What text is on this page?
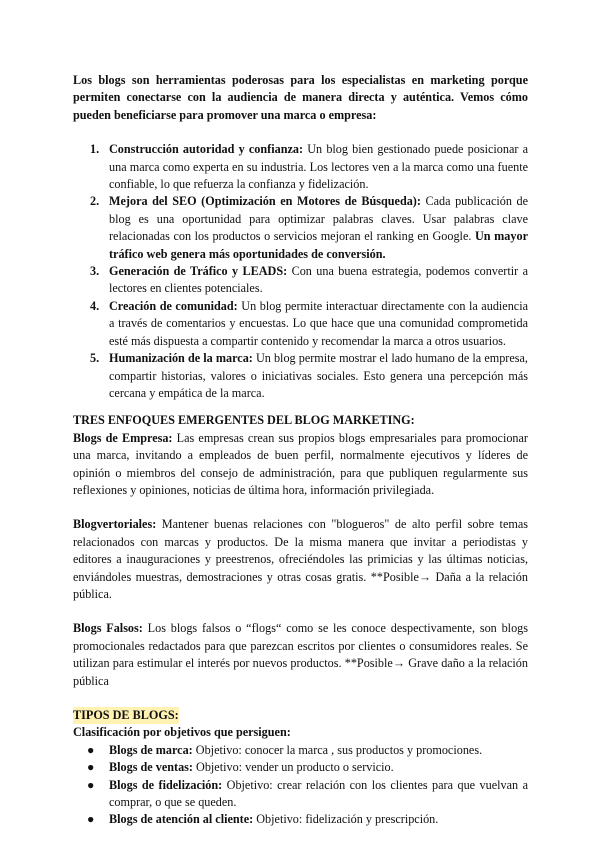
Los blogs son herramientas poderosas para los especialistas en marketing porque permiten conectarse con la audiencia de manera directa y auténtica. Vemos cómo pueden beneficiarse para promover una marca o empresa:

1. Construcción autoridad y confianza: Un blog bien gestionado puede posicionar a una marca como experta en su industria. Los lectores ven a la marca como una fuente confiable, lo que refuerza la confianza y fidelización.
2. Mejora del SEO (Optimización en Motores de Búsqueda): Cada publicación de blog es una oportunidad para optimizar palabras claves. Usar palabras clave relacionadas con los productos o servicios mejoran el ranking en Google. Un mayor tráfico web genera más oportunidades de conversión.
3. Generación de Tráfico y LEADS: Con una buena estrategia, podemos convertir a lectores en clientes potenciales.
4. Creación de comunidad: Un blog permite interactuar directamente con la audiencia a través de comentarios y encuestas. Lo que hace que una comunidad comprometida esté más dispuesta a compartir contenido y recomendar la marca a otros usuarios.
5. Humanización de la marca: Un blog permite mostrar el lado humano de la empresa, compartir historias, valores o iniciativas sociales. Esto genera una percepción más cercana y empática de la marca.

TRES ENFOQUES EMERGENTES DEL BLOG MARKETING:

Blogs de Empresa: Las empresas crean sus propios blogs empresariales para promocionar una marca, invitando a empleados de buen perfil, normalmente ejecutivos y líderes de opinión o miembros del consejo de administración, para que publiquen regularmente sus reflexiones y opiniones, noticias de última hora, información privilegiada.

Blogvertoriales: Mantener buenas relaciones con "blogueros" de alto perfil sobre temas relacionados con marcas y productos. De la misma manera que invitar a periodistas y editores a inauguraciones y preestrenos, ofreciéndoles las primicias y las últimas noticias, enviándoles muestras, demostraciones y otras cosas gratis. **Posible→ Daña a la relación pública.

Blogs Falsos: Los blogs falsos o “flogs“ como se les conoce despectivamente, son blogs promocionales redactados para que parezcan escritos por clientes o consumidores reales. Se utilizan para estimular el interés por nuevos productos. **Posible→ Grave daño a la relación pública

TIPOS DE BLOGS:

Clasificación por objetivos que persiguen:

● Blogs de marca: Objetivo: conocer la marca , sus productos y promociones.
● Blogs de ventas: Objetivo: vender un producto o servicio.
● Blogs de fidelización: Objetivo: crear relación con los clientes para que vuelvan a comprar, o que se queden.
● Blogs de atención al cliente: Objetivo: fidelización y prescripción.
